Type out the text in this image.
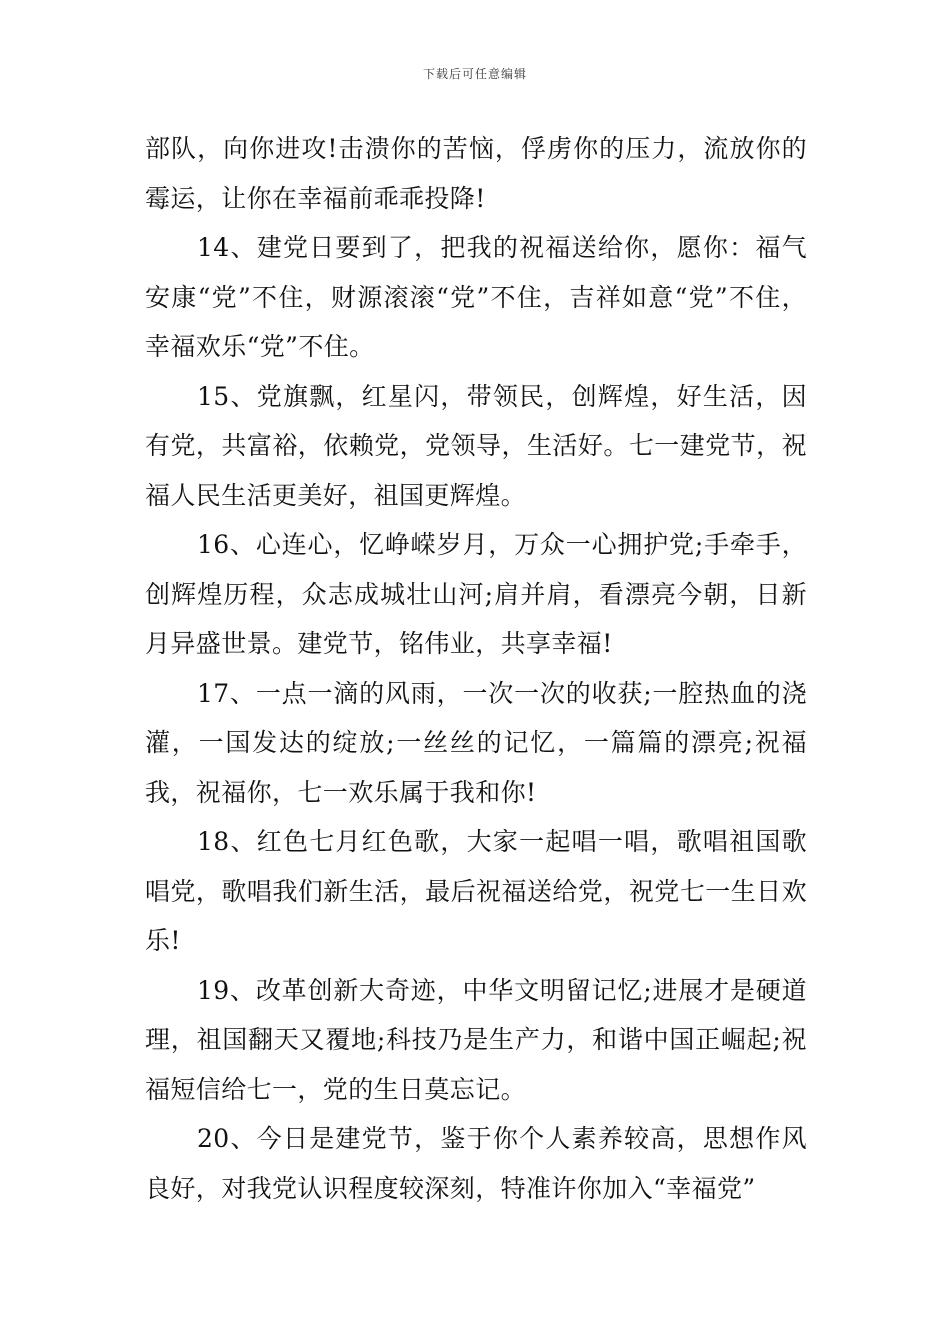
下载后可任意编辑

部队，向你进攻!击溃你的苦恼，俘虏你的压力，流放你的霉运，让你在幸福前乖乖投降!

14、建党日要到了，把我的祝福送给你，愿你：福气安康“党”不住，财源滚滚“党”不住，吉祥如意“党”不住，幸福欢乐“党”不住。

15、党旗飘，红星闪，带领民，创辉煌，好生活，因有党，共富裕，依赖党，党领导，生活好。七一建党节，祝福人民生活更美好，祖国更辉煌。

16、心连心，忆峥嵘岁月，万众一心拥护党;手牵手，创辉煌历程，众志成城壮山河;肩并肩，看漂亮今朝，日新月异盛世景。建党节，铭伟业，共享幸福!

17、一点一滴的风雨，一次一次的收获;一腔热血的浇灌，一国发达的绽放;一丝丝的记忆，一篇篇的漂亮;祝福我，祝福你，七一欢乐属于我和你!

18、红色七月红色歌，大家一起唱一唱，歌唱祖国歌唱党，歌唱我们新生活，最后祝福送给党，祝党七一生日欢乐!

19、改革创新大奇迹，中华文明留记忆;进展才是硬道理，祖国翻天又覆地;科技乃是生产力，和谐中国正崛起;祝福短信给七一，党的生日莫忘记。

20、今日是建党节，鉴于你个人素养较高，思想作风良好，对我党认识程度较深刻，特准许你加入“幸福党”
